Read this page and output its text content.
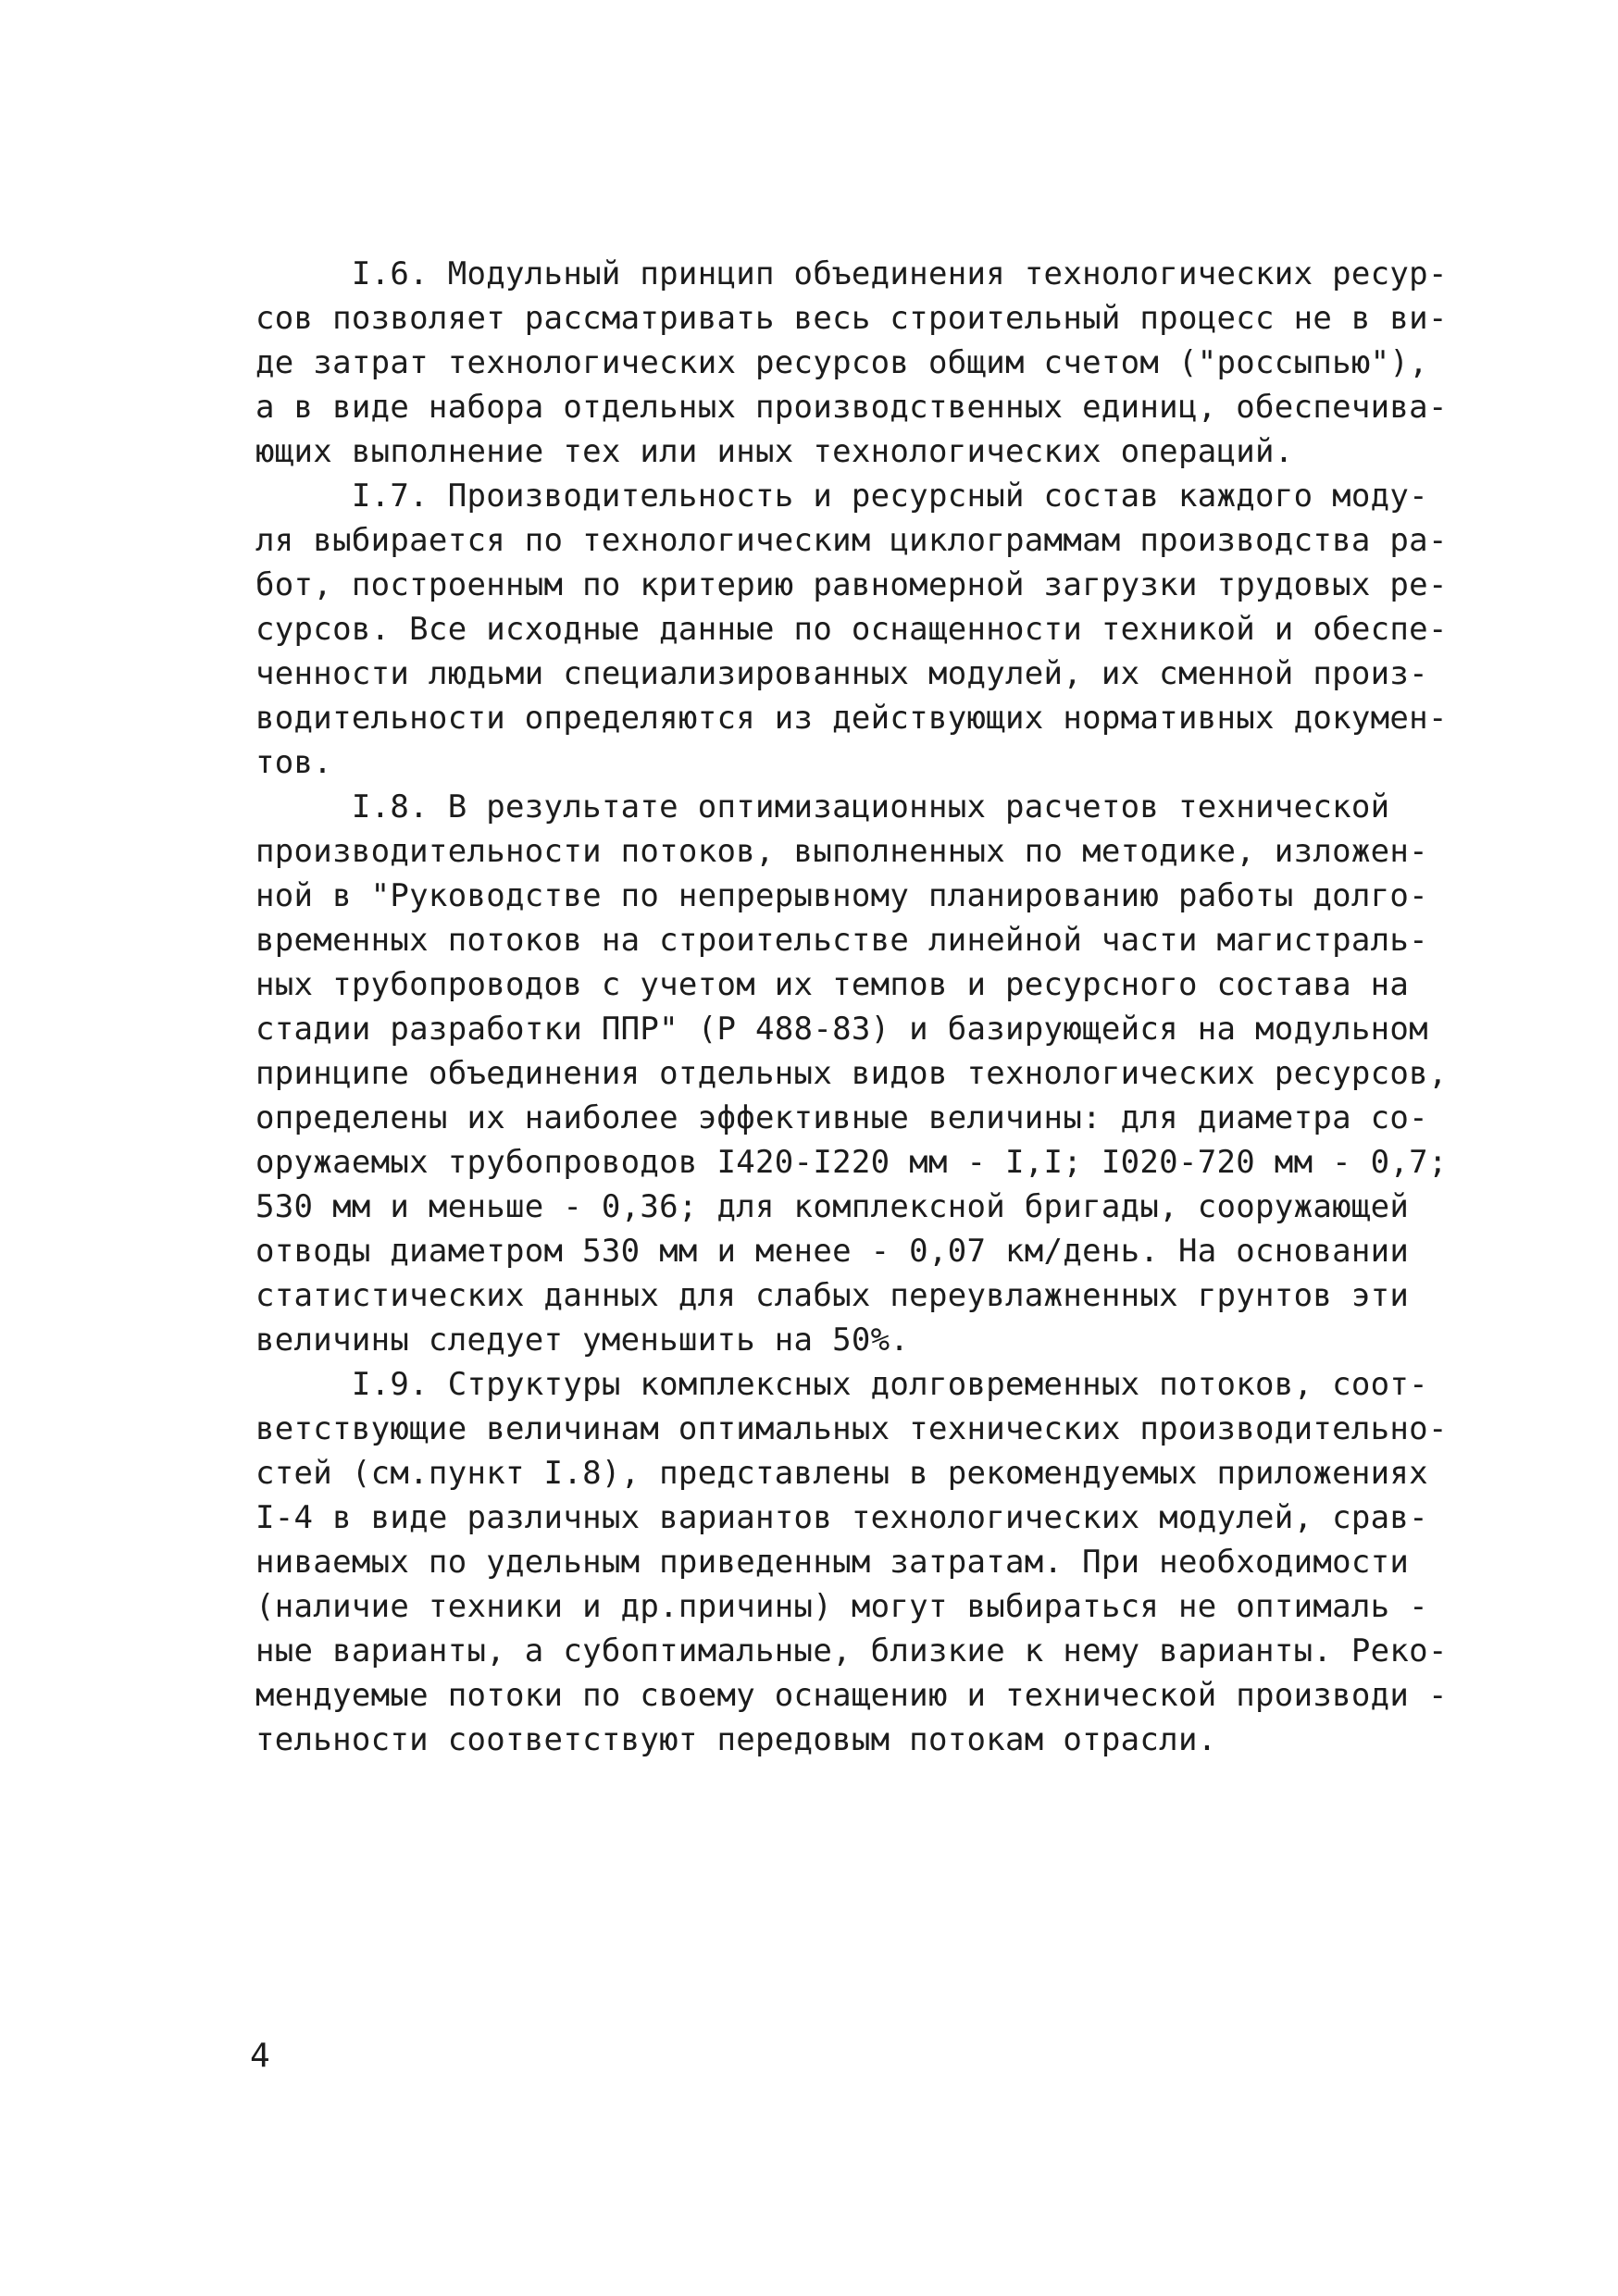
I.6. Модульный принцип объединения технологических ресур-
сов позволяет рассматривать весь строительный процесс не в ви-
де затрат технологических ресурсов общим счетом ("россыпью"),
а в виде набора отдельных производственных единиц, обеспечива-
ющих выполнение тех или иных технологических операций.
I.7. Производительность и ресурсный состав каждого моду-
ля выбирается по технологическим циклограммам производства ра-
бот, построенным по критерию равномерной загрузки трудовых ре-
сурсов. Все исходные данные по оснащенности техникой и обеспе-
ченности людьми специализированных модулей, их сменной произ-
водительности определяются из действующих нормативных докумен-
тов.
I.8. В результате оптимизационных расчетов технической
производительности потоков, выполненных по методике, изложен-
ной в "Руководстве по непрерывному планированию работы долго-
временных потоков на строительстве линейной части магистраль-
ных трубопроводов с учетом их темпов и ресурсного состава на
стадии разработки ППР" (Р 488-83) и базирующейся на модульном
принципе объединения отдельных видов технологических ресурсов,
определены их наиболее эффективные величины: для диаметра со-
оружаемых трубопроводов I420-I220 мм - I,I; I020-720 мм - 0,7;
530 мм и меньше - 0,36; для комплексной бригады, сооружающей
отводы диаметром 530 мм и менее - 0,07 км/день. На основании
статистических данных для слабых переувлажненных грунтов эти
величины следует уменьшить на 50%.
I.9. Структуры комплексных долговременных потоков, соот-
ветствующие величинам оптимальных технических производительно-
стей (см.пункт I.8), представлены в рекомендуемых приложениях
I-4 в виде различных вариантов технологических модулей, срав-
ниваемых по удельным приведенным затратам. При необходимости
(наличие техники и др.причины) могут выбираться не оптималь -
ные варианты, а субоптимальные, близкие к нему варианты. Реко-
мендуемые потоки по своему оснащению и технической производи -
тельности соответствуют передовым потокам отрасли.
4
